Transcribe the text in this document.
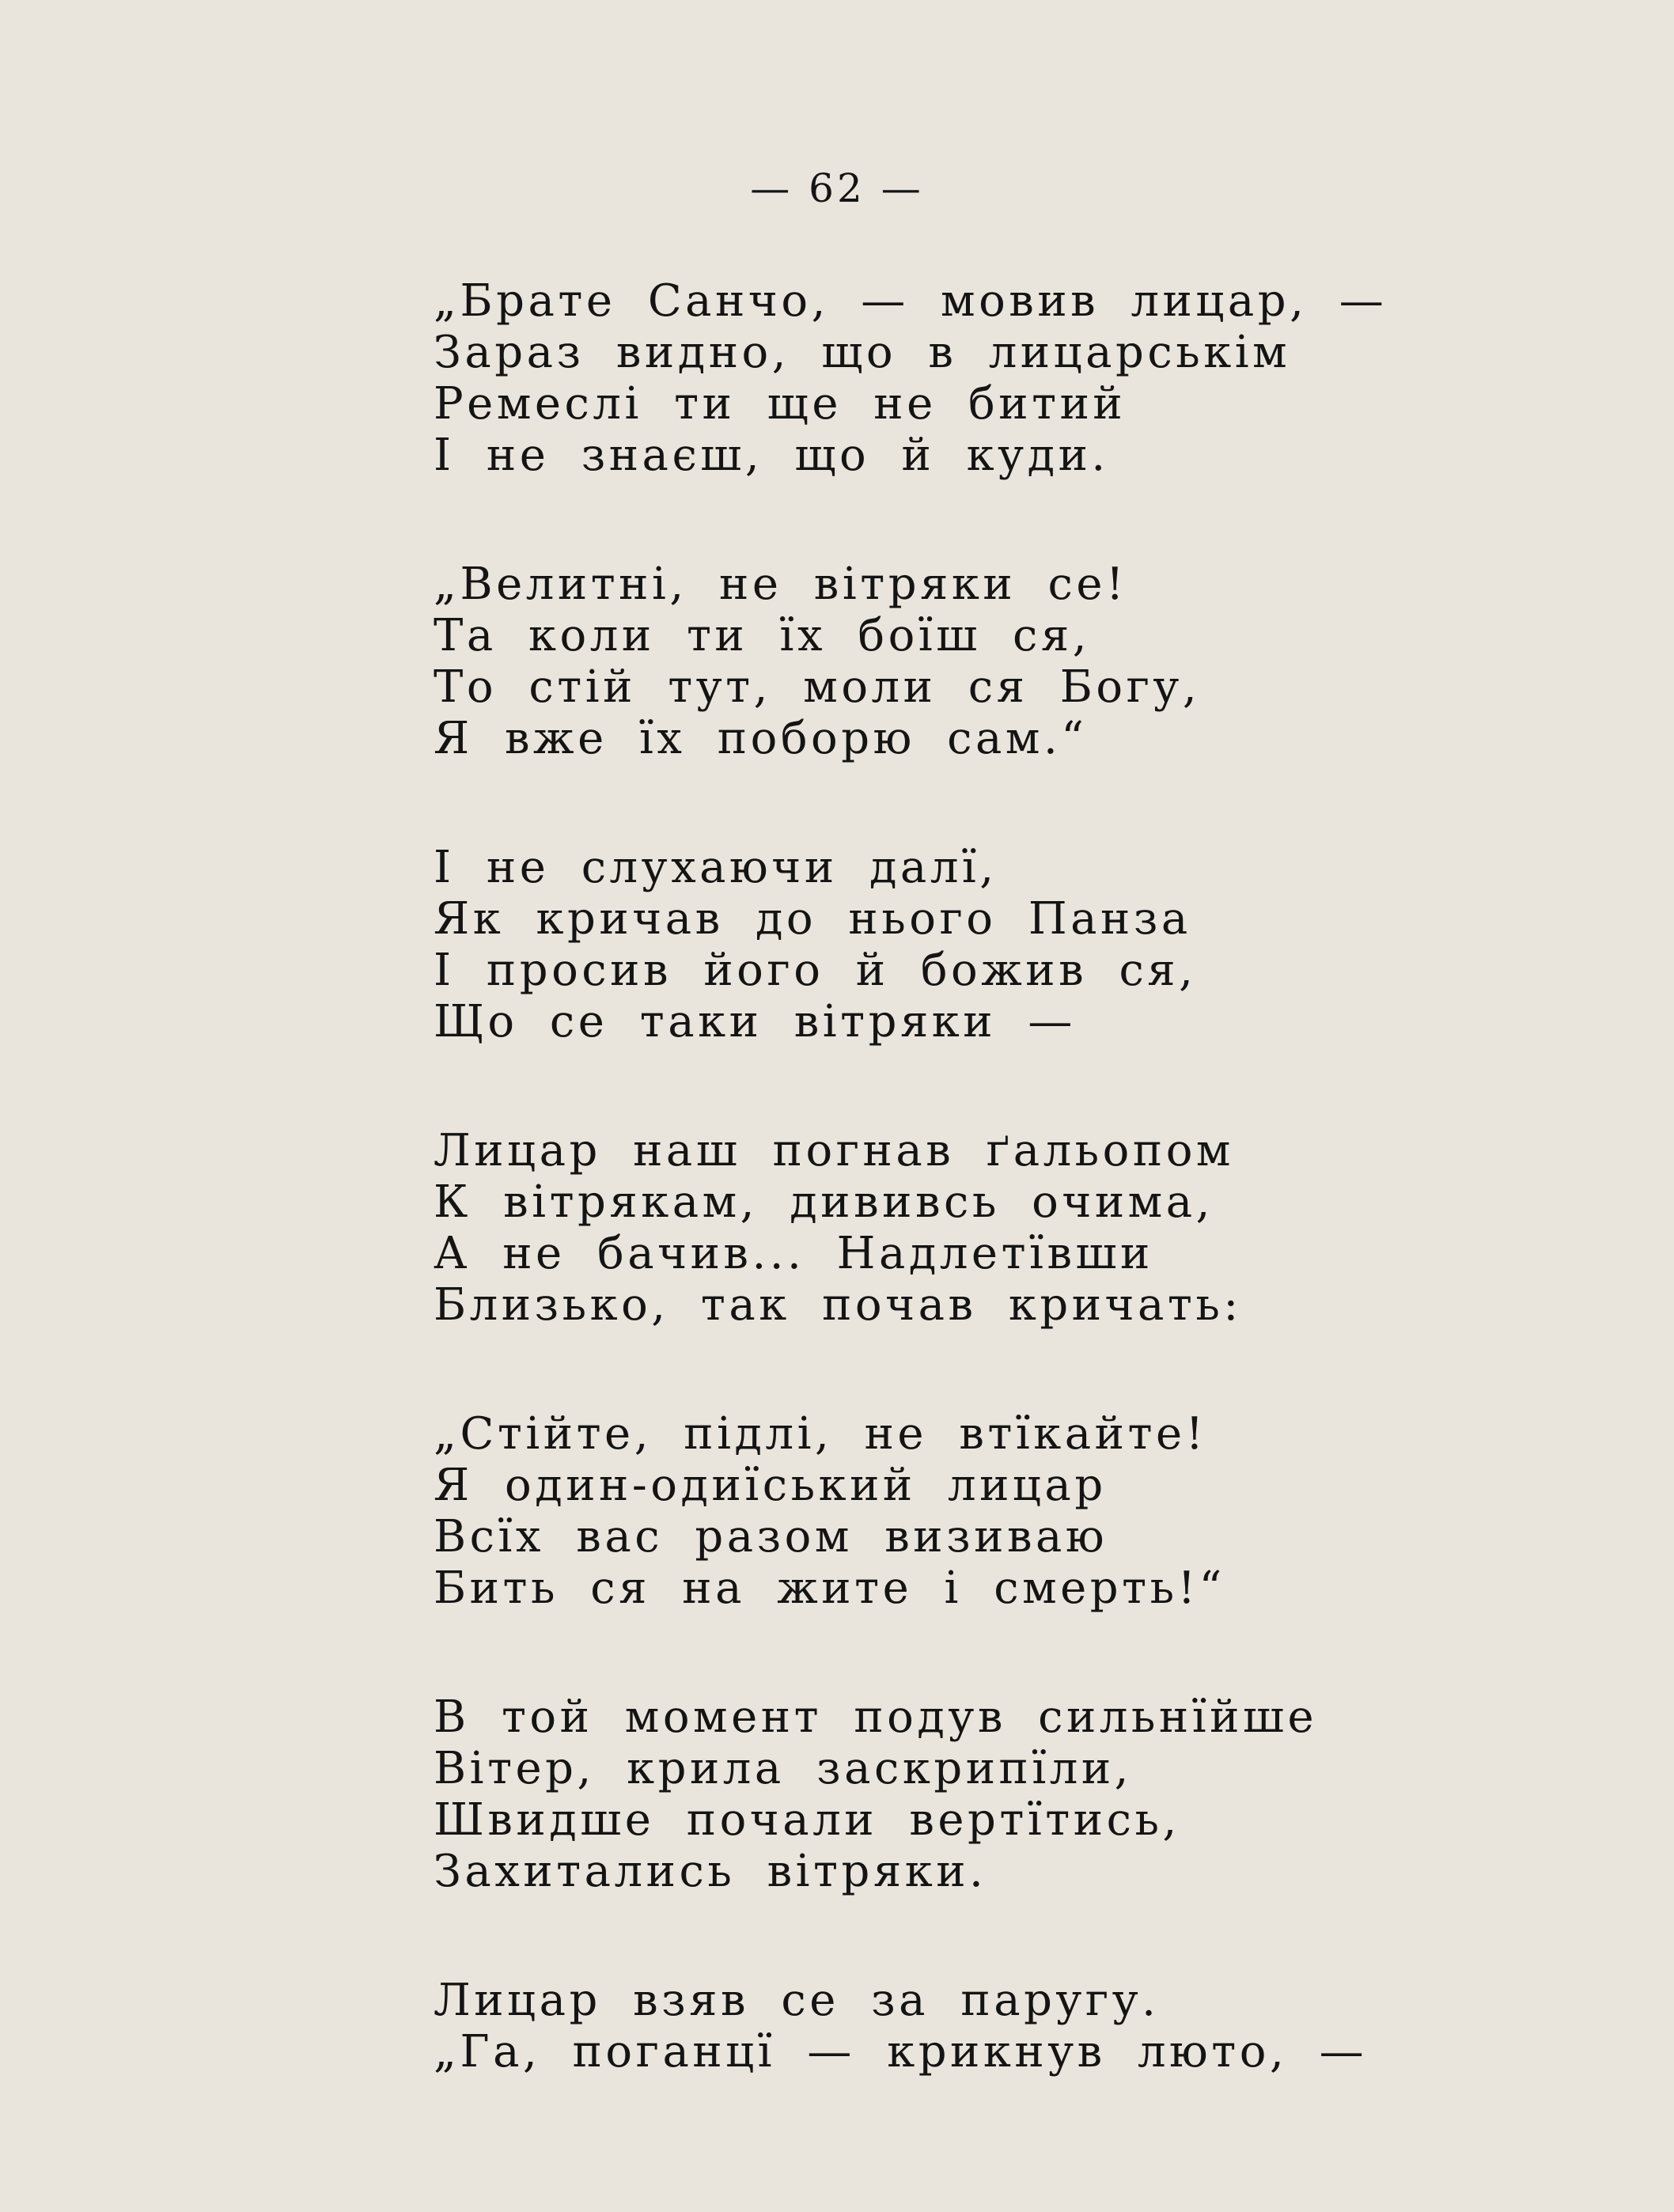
— 62 —
„Брате Санчо, — мовив лицар, —
Зараз видно, що в лицарськім
Ремеслі ти ще не битий
І не знаєш, що й куди.
„Велитні, не вітряки се!
Та коли ти їх боїш ся,
То стій тут, моли ся Богу,
Я вже їх поборю сам.“
І не слухаючи далї,
Як кричав до нього Панза
І просив його й божив ся,
Що се таки вітряки —
Лицар наш погнав ґальопом
К вітрякам, дививсь очима,
А не бачив... Надлетївши
Близько, так почав кричать:
„Стійте, підлі, не втїкайте!
Я один-одиїський лицар
Всїх вас разом визиваю
Бить ся на жите і смерть!“
В той момент подув сильнїйше
Вітер, крила заскрипїли,
Швидше почали вертїтись,
Захитались вітряки.
Лицар взяв се за паругу.
„Га, поганцї — крикнув люто, —
